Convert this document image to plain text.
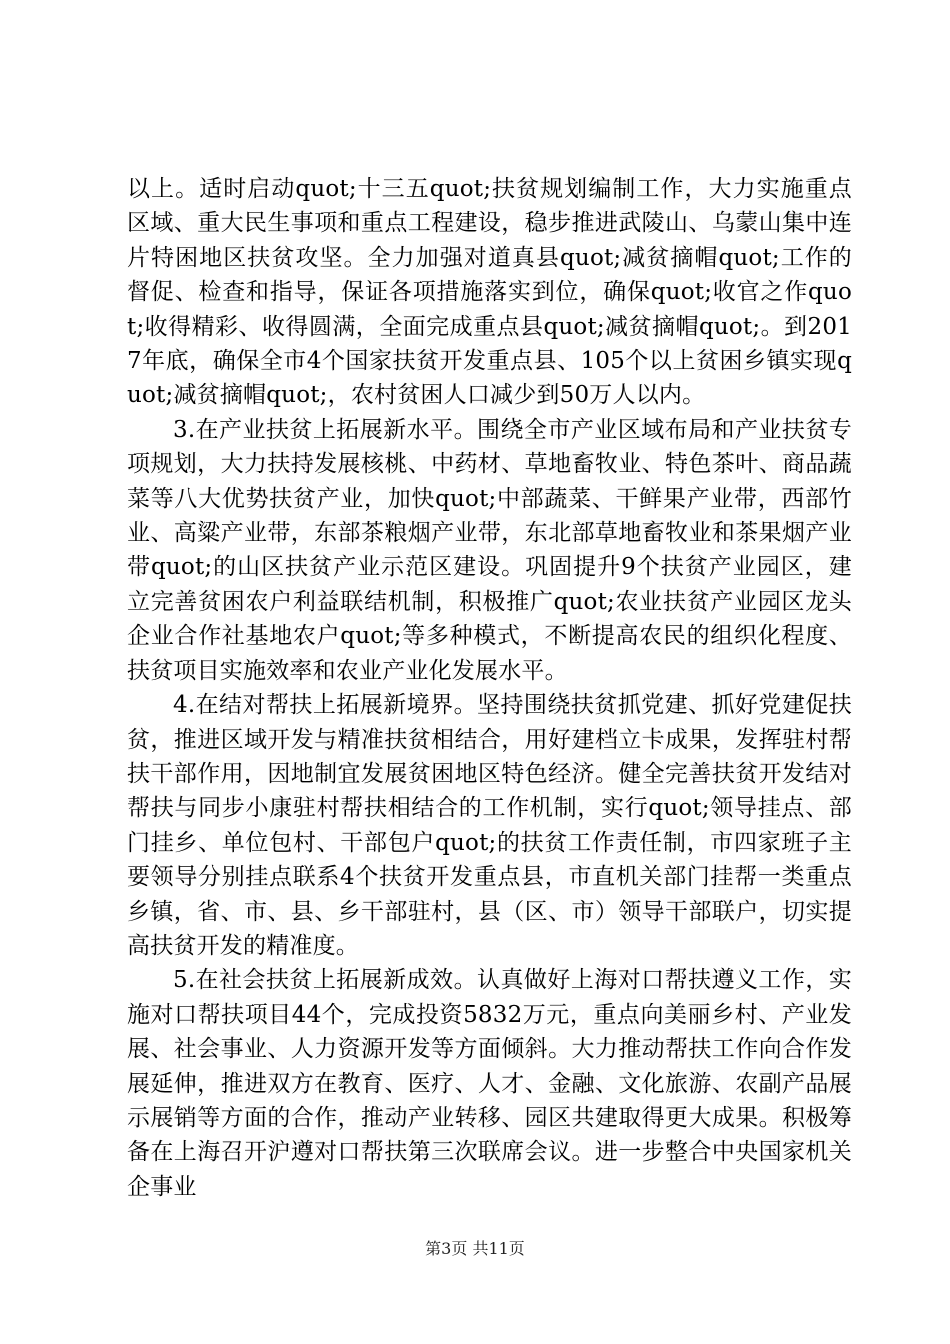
以上。适时启动quot;十三五quot;扶贫规划编制工作，大力实施重点区域、重大民生事项和重点工程建设，稳步推进武陵山、乌蒙山集中连片特困地区扶贫攻坚。全力加强对道真县quot;减贫摘帽quot;工作的督促、检查和指导，保证各项措施落实到位，确保quot;收官之作quot;收得精彩、收得圆满，全面完成重点县quot;减贫摘帽quot;。到2017年底，确保全市4个国家扶贫开发重点县、105个以上贫困乡镇实现quot;减贫摘帽quot;，农村贫困人口减少到50万人以内。

3.在产业扶贫上拓展新水平。围绕全市产业区域布局和产业扶贫专项规划，大力扶持发展核桃、中药材、草地畜牧业、特色茶叶、商品蔬菜等八大优势扶贫产业，加快quot;中部蔬菜、干鲜果产业带，西部竹业、高粱产业带，东部茶粮烟产业带，东北部草地畜牧业和茶果烟产业带quot;的山区扶贫产业示范区建设。巩固提升9个扶贫产业园区，建立完善贫困农户利益联结机制，积极推广quot;农业扶贫产业园区龙头企业合作社基地农户quot;等多种模式，不断提高农民的组织化程度、扶贫项目实施效率和农业产业化发展水平。

4.在结对帮扶上拓展新境界。坚持围绕扶贫抓党建、抓好党建促扶贫，推进区域开发与精准扶贫相结合，用好建档立卡成果，发挥驻村帮扶干部作用，因地制宜发展贫困地区特色经济。健全完善扶贫开发结对帮扶与同步小康驻村帮扶相结合的工作机制，实行quot;领导挂点、部门挂乡、单位包村、干部包户quot;的扶贫工作责任制，市四家班子主要领导分别挂点联系4个扶贫开发重点县，市直机关部门挂帮一类重点乡镇，省、市、县、乡干部驻村，县（区、市）领导干部联户，切实提高扶贫开发的精准度。

5.在社会扶贫上拓展新成效。认真做好上海对口帮扶遵义工作，实施对口帮扶项目44个，完成投资5832万元，重点向美丽乡村、产业发展、社会事业、人力资源开发等方面倾斜。大力推动帮扶工作向合作发展延伸，推进双方在教育、医疗、人才、金融、文化旅游、农副产品展示展销等方面的合作，推动产业转移、园区共建取得更大成果。积极筹备在上海召开沪遵对口帮扶第三次联席会议。进一步整合中央国家机关企事业

第3页 共11页
